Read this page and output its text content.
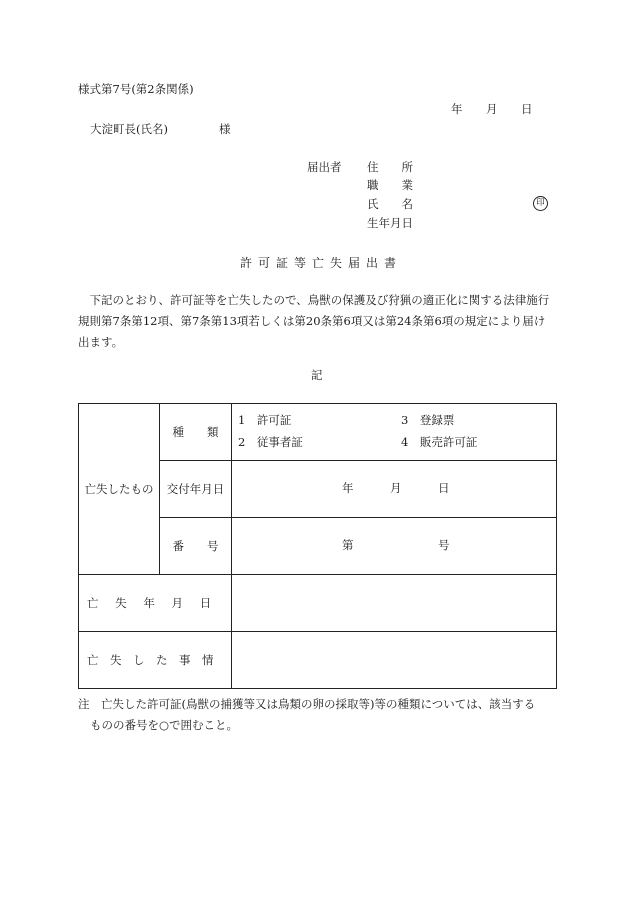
様式第7号(第2条関係)
年 月 日
大淀町長(氏名)	様
届出者 住　　所
職　　業
氏　　名	印
生年月日
許可証等亡失届出書
下記のとおり、許可証等を亡失したので、鳥獣の保護及び狩猟の適正化に関する法律施行規則第7条第12項、第7条第13項若しくは第20条第6項又は第24条第6項の規定により届け出ます。
記
亡失したもの	種　　類	1　許可証 3　登録票
2　従事者証 4　販売許可証

	交付年月日	年 月 日

	番　　号	第 号

亡失年月日		
亡失した事情		
注 亡失した許可証(鳥獣の捕獲等又は鳥類の卵の採取等)等の種類については、該当する
ものの番号を○で囲むこと。
